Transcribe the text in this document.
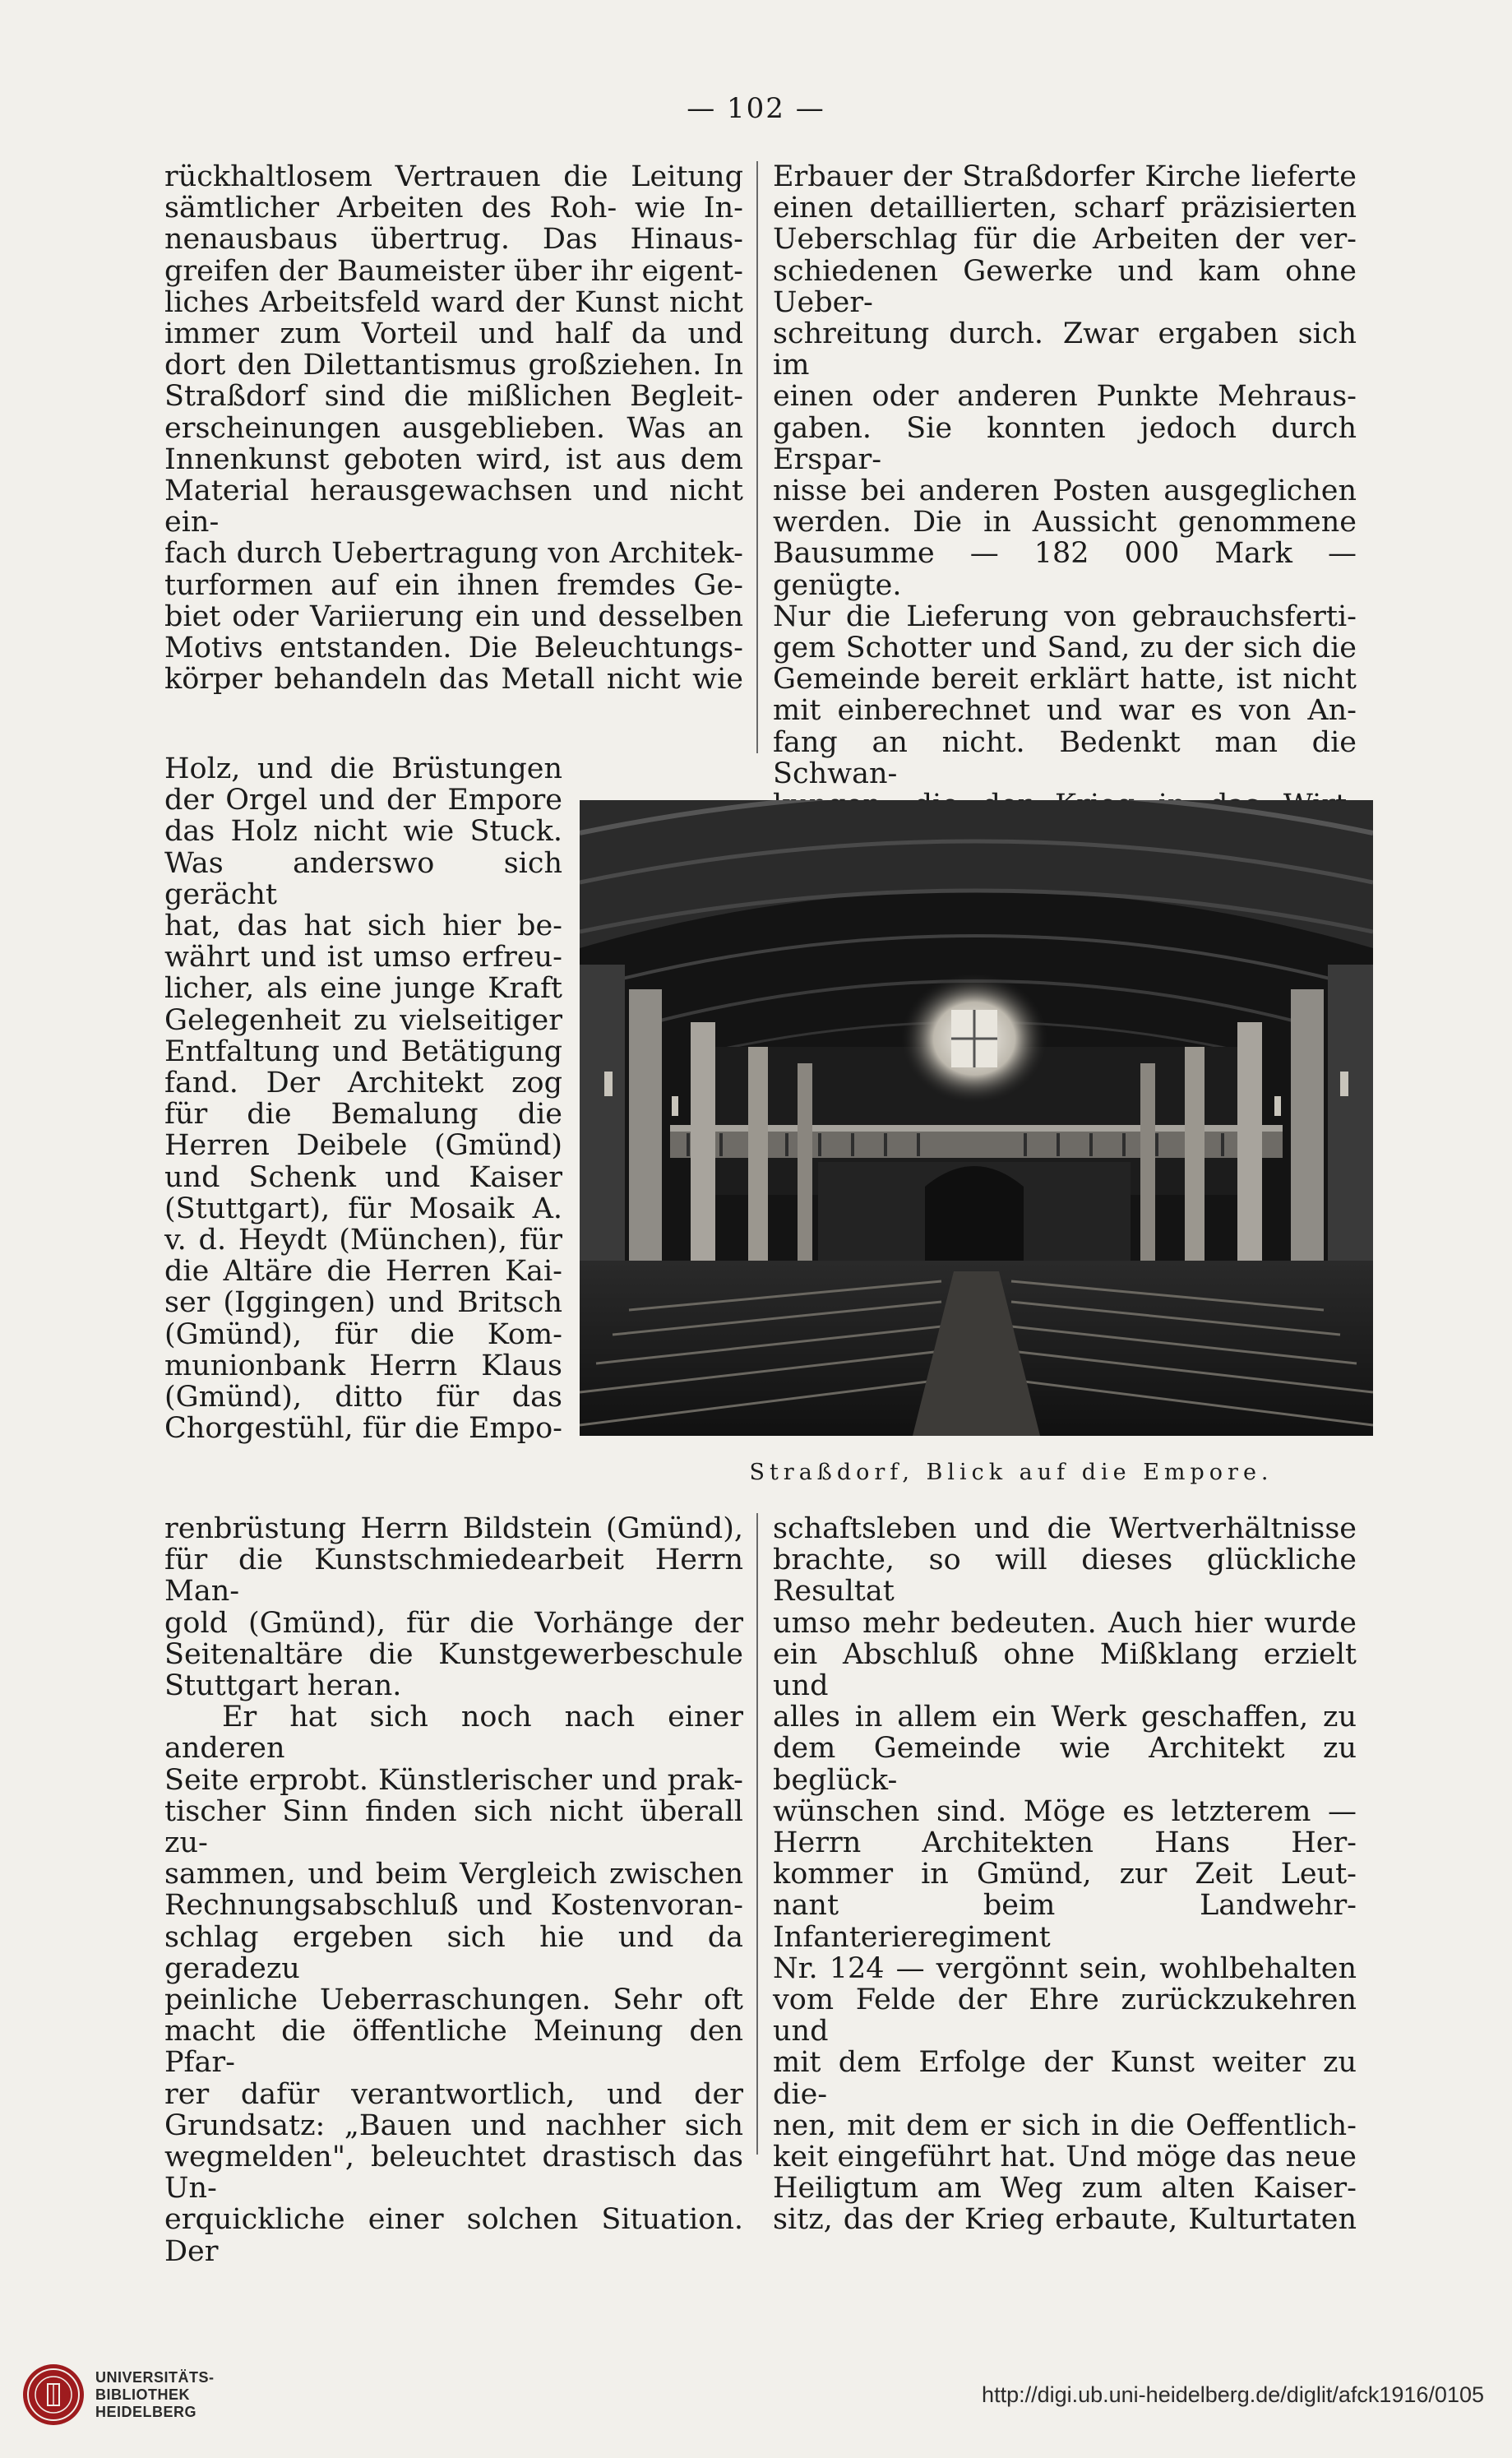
— 102 —

rückhaltlosem Vertrauen die Leitung

sämtlicher Arbeiten des Roh- wie In-

nenausbaus übertrug. Das Hinaus-

greifen der Baumeister über ihr eigent-

liches Arbeitsfeld ward der Kunst nicht

immer zum Vorteil und half da und

dort den Dilettantismus großziehen. In

Straßdorf sind die mißlichen Begleit-

erscheinungen ausgeblieben. Was an

Innenkunst geboten wird, ist aus dem

Material herausgewachsen und nicht ein-

fach durch Uebertragung von Architek-

turformen auf ein ihnen fremdes Ge-

biet oder Variierung ein und desselben

Motivs entstanden. Die Beleuchtungs-

körper behandeln das Metall nicht wie

Erbauer der Straßdorfer Kirche lieferte

einen detaillierten, scharf präzisierten

Ueberschlag für die Arbeiten der ver-

schiedenen Gewerke und kam ohne Ueber-

schreitung durch. Zwar ergaben sich im

einen oder anderen Punkte Mehraus-

gaben. Sie konnten jedoch durch Erspar-

nisse bei anderen Posten ausgeglichen

werden. Die in Aussicht genommene

Bausumme — 182 000 Mark — genügte.

Nur die Lieferung von gebrauchsferti-

gem Schotter und Sand, zu der sich die

Gemeinde bereit erklärt hatte, ist nicht

mit einberechnet und war es von An-

fang an nicht. Bedenkt man die Schwan-

Holz, und die Brüstungen

der Orgel und der Empore

das Holz nicht wie Stuck.

Was anderswo sich gerächt

hat, das hat sich hier be-

währt und ist umso erfreu-

licher, als eine junge Kraft

Gelegenheit zu vielseitiger

Entfaltung und Betätigung

fand. Der Architekt zog

für die Bemalung die

Herren Deibele (Gmünd)

und Schenk und Kaiser

(Stuttgart), für Mosaik A.

v. d. Heydt (München), für

die Altäre die Herren Kai-

ser (Iggingen) und Britsch

(Gmünd), für die Kom-

munionbank Herrn Klaus

(Gmünd), ditto für das

Chorgestühl, für die Empo-

Straßdorf, Blick auf die Empore.

renbrüstung Herrn Bildstein (Gmünd),

für die Kunstschmiedearbeit Herrn Man-

gold (Gmünd), für die Vorhänge der

Seitenaltäre die Kunstgewerbeschule

Stuttgart heran.

Er hat sich noch nach einer anderen

Seite erprobt. Künstlerischer und prak-

tischer Sinn finden sich nicht überall zu-

sammen, und beim Vergleich zwischen

Rechnungsabschluß und Kostenvoran-

schlag ergeben sich hie und da geradezu

peinliche Ueberraschungen. Sehr oft

macht die öffentliche Meinung den Pfar-

rer dafür verantwortlich, und der

Grundsatz: „Bauen und nachher sich

wegmelden", beleuchtet drastisch das Un-

erquickliche einer solchen Situation. Der

schaftsleben und die Wertverhältnisse

brachte, so will dieses glückliche Resultat

umso mehr bedeuten. Auch hier wurde

ein Abschluß ohne Mißklang erzielt und

alles in allem ein Werk geschaffen, zu

dem Gemeinde wie Architekt zu beglück-

wünschen sind. Möge es letzterem —

Herrn Architekten Hans Her-

kommer in Gmünd, zur Zeit Leut-

nant beim Landwehr-Infanterieregiment

Nr. 124 — vergönnt sein, wohlbehalten

vom Felde der Ehre zurückzukehren und

mit dem Erfolge der Kunst weiter zu die-

nen, mit dem er sich in die Oeffentlich-

keit eingeführt hat. Und möge das neue

Heiligtum am Weg zum alten Kaiser-

sitz, das der Krieg erbaute, Kulturtaten

UNIVERSITÄTS-
BIBLIOTHEK
HEIDELBERG
http://digi.ub.uni-heidelberg.de/diglit/afck1916/0105
